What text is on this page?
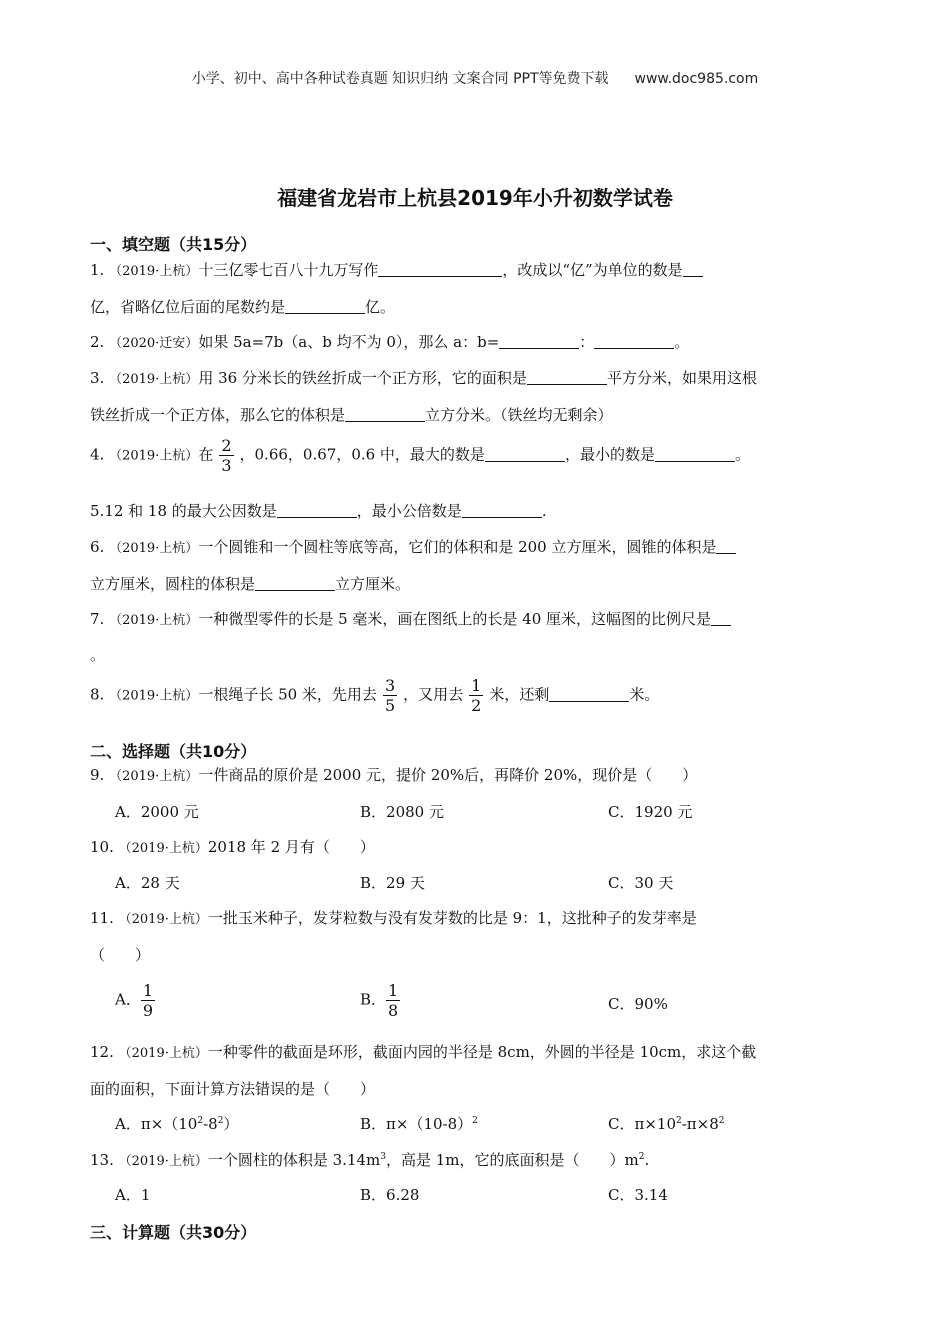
小学、初中、高中各种试卷真题 知识归纳 文案合同 PPT等免费下载 www.doc985.com
福建省龙岩市上杭县2019年小升初数学试卷
一、填空题（共15分）
1. （2019·上杭）十三亿零七百八十九万写作	，改成以“亿”为单位的数是
亿，省略亿位后面的尾数约是	亿。
2. （2020·迁安）如果 5a=7b（a、b 均不为 0），那么 a：b=	：	。
3. （2019·上杭）用 36 分米长的铁丝折成一个正方形，它的面积是	平方分米，如果用这根
铁丝折成一个正方体，那么它的体积是	立方分米。（铁丝均无剩余）
4. （2019·上杭）在 $\frac{2}{3}$ ，0.66，0.67，0.6 中，最大的数是	，最小的数是	。
5.12 和 18 的最大公因数是	，最小公倍数是	.
6. （2019·上杭）一个圆锥和一个圆柱等底等高，它们的体积和是 200 立方厘米，圆锥的体积是
立方厘米，圆柱的体积是	立方厘米。
7. （2019·上杭）一种微型零件的长是 5 毫米，画在图纸上的长是 40 厘米，这幅图的比例尺是
。
8. （2019·上杭）一根绳子长 50 米，先用去 $\frac{3}{5}$ ，又用去 $\frac{1}{2}$ 米，还剩	米。
二、选择题（共10分）
9. （2019·上杭）一件商品的原价是 2000 元，提价 20%后，再降价 20%，现价是（　　）
A．2000 元	B．2080 元	C．1920 元
10. （2019·上杭）2018 年 2 月有（　　）
A．28 天	B．29 天	C．30 天
11. （2019·上杭）一批玉米种子，发芽粒数与没有发芽数的比是 9：1，这批种子的发芽率是
（　　）
A． $\frac{1}{9}$	B． $\frac{1}{8}$	C．90%
12. （2019·上杭）一种零件的截面是环形，截面内园的半径是 8cm，外圆的半径是 10cm，求这个截
面的面积，下面计算方法错误的是（　　）
A．$\pi\times(10^2-8^2)$	B．$\pi\times(10-8)^2$	C．$\pi\times 10^2-\pi\times 8^2$
13. （2019·上杭）一个圆柱的体积是 $3.14m^3$，高是 1m，它的底面积是（　　）$m^2$.
A．1	B．6.28	C．3.14
三、计算题（共30分）
